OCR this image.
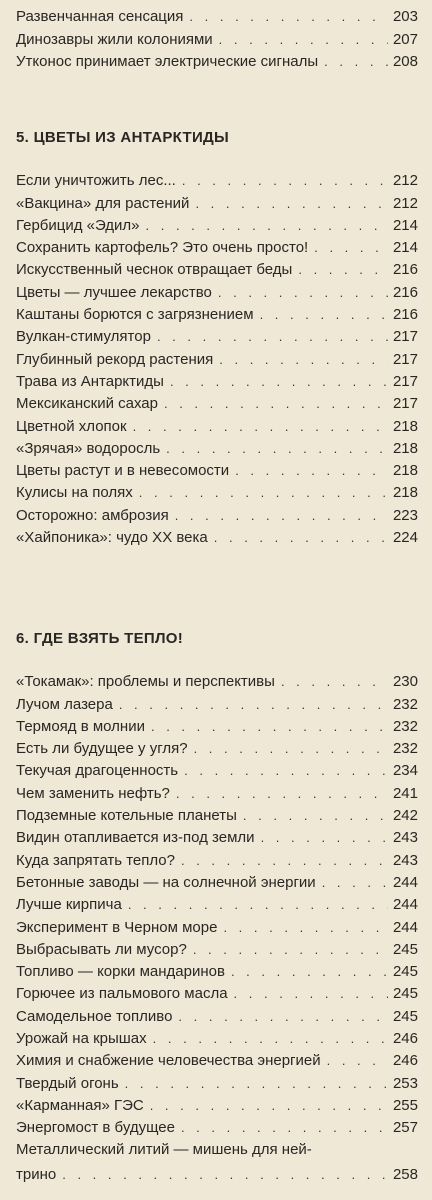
Развенчанная сенсация . . .	203
Динозавры жили колониями . . .	207
Утконос принимает электрические сигналы . . .	208
5. ЦВЕТЫ ИЗ АНТАРКТИДЫ
Если уничтожить лес... . . .	212
«Вакцина» для растений . . .	212
Гербицид «Эдил» . . .	214
Сохранить картофель? Это очень просто! . . .	214
Искусственный чеснок отвращает беды . . .	216
Цветы — лучшее лекарство . . .	216
Каштаны борются с загрязнением . . .	216
Вулкан-стимулятор . . .	217
Глубинный рекорд растения . . .	217
Трава из Антарктиды . . .	217
Мексиканский сахар . . .	217
Цветной хлопок . . .	218
«Зрячая» водоросль . . .	218
Цветы растут и в невесомости . . .	218
Кулисы на полях . . .	218
Осторожно: амброзия . . .	223
«Хайпоника»: чудо XX века . . .	224
6. ГДЕ ВЗЯТЬ ТЕПЛО!
«Токамак»: проблемы и перспективы . . .	230
Лучом лазера . . .	232
Термояд в молнии . . .	232
Есть ли будущее у угля? . . .	232
Текучая драгоценность . . .	234
Чем заменить нефть? . . .	241
Подземные котельные планеты . . .	242
Видин отапливается из-под земли . . .	243
Куда запрятать тепло? . . .	243
Бетонные заводы — на солнечной энергии . . .	244
Лучше кирпича . . .	244
Эксперимент в Черном море . . .	244
Выбрасывать ли мусор? . . .	245
Топливо — корки мандаринов . . .	245
Горючее из пальмового масла . . .	245
Самодельное топливо . . .	245
Урожай на крышах . . .	246
Химия и снабжение человечества энергией . . .	246
Твердый огонь . . .	253
«Карманная» ГЭС . . .	255
Энергомост в будущее . . .	257
Металлический литий — мишень для ней-
трино . . .	258
